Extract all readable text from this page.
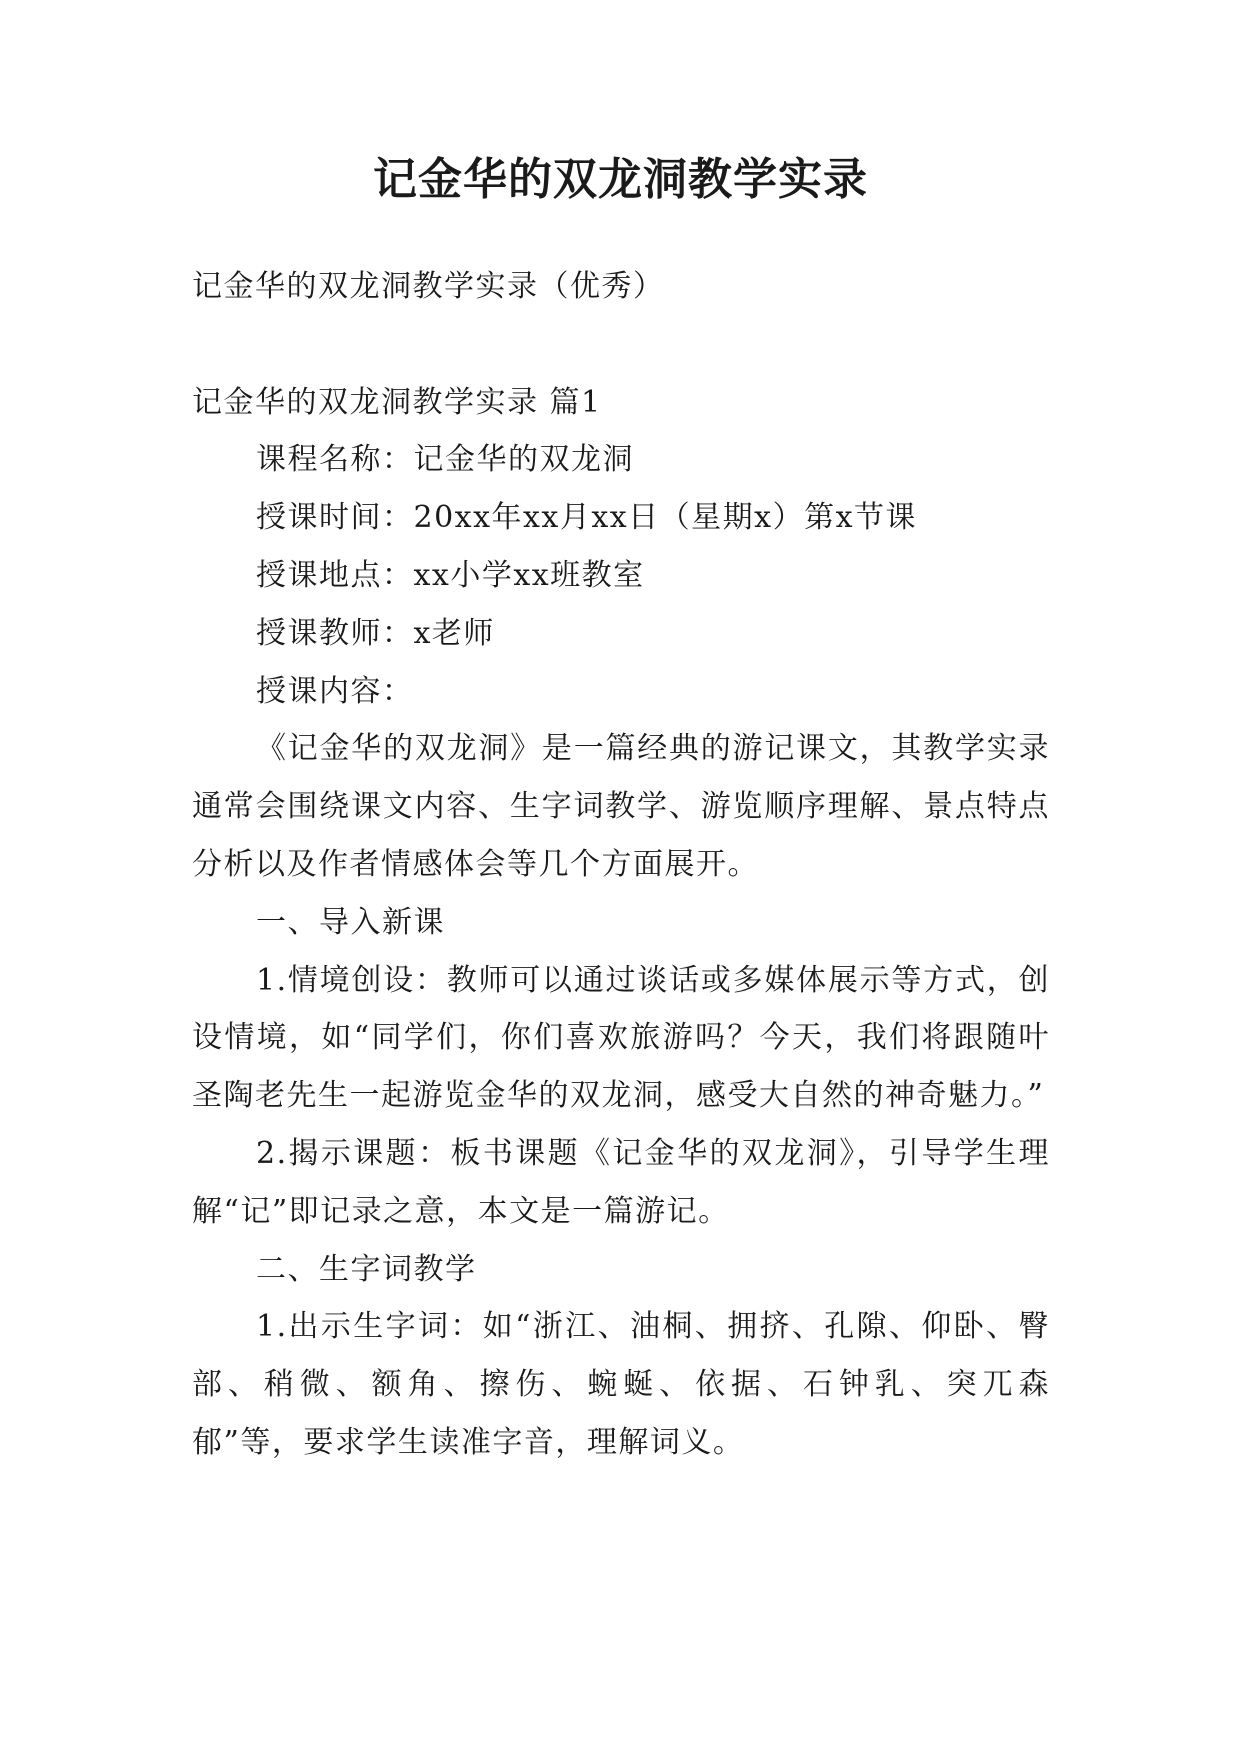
记金华的双龙洞教学实录

记金华的双龙洞教学实录（优秀）

记金华的双龙洞教学实录 篇1

课程名称：记金华的双龙洞

授课时间：20xx年xx月xx日（星期x）第x节课

授课地点：xx小学xx班教室

授课教师：x老师

授课内容：

《记金华的双龙洞》是一篇经典的游记课文，其教学实录通常会围绕课文内容、生字词教学、游览顺序理解、景点特点分析以及作者情感体会等几个方面展开。

一、导入新课

1.情境创设：教师可以通过谈话或多媒体展示等方式，创设情境，如“同学们，你们喜欢旅游吗？今天，我们将跟随叶圣陶老先生一起游览金华的双龙洞，感受大自然的神奇魅力。”

2.揭示课题：板书课题《记金华的双龙洞》，引导学生理解“记”即记录之意，本文是一篇游记。

二、生字词教学

1.出示生字词：如“浙江、油桐、拥挤、孔隙、仰卧、臀部、稍微、额角、擦伤、蜿蜒、依据、石钟乳、突兀森郁”等，要求学生读准字音，理解词义。
